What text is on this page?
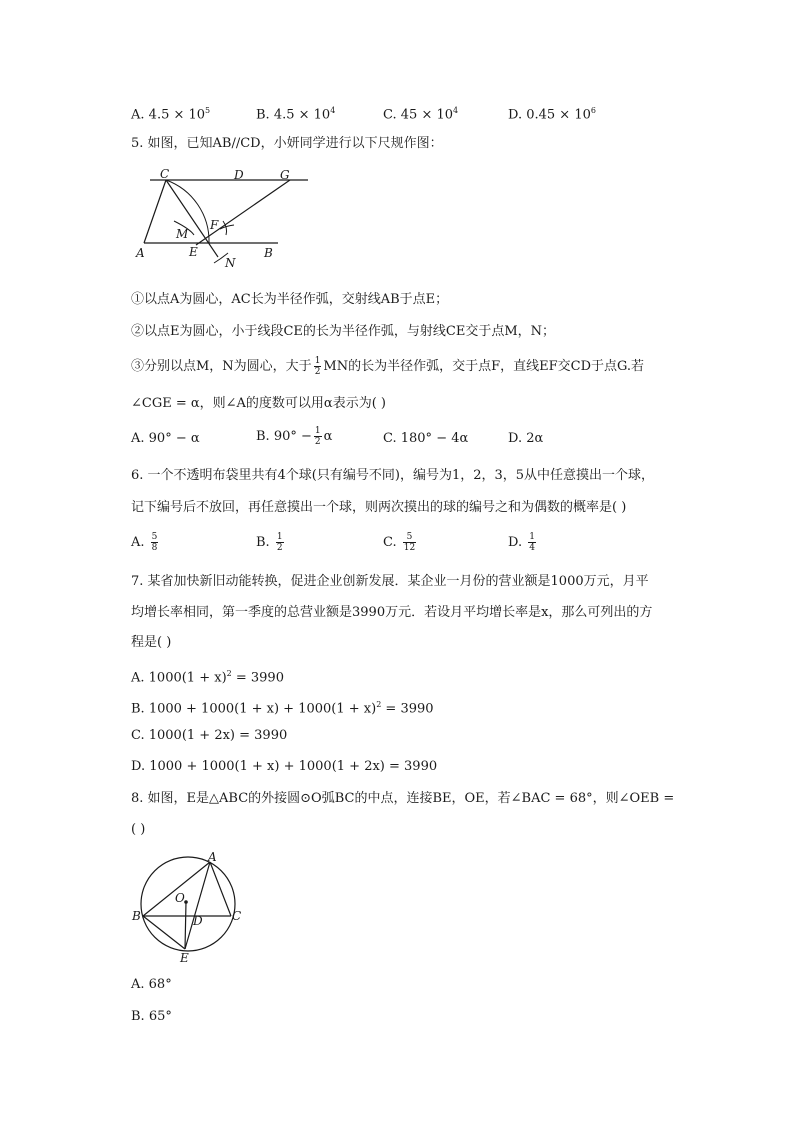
A. $4.5 \times 10^5$	B. $4.5 \times 10^4$	C. $45 \times 10^4$	D. $0.45 \times 10^6$
5. 如图，已知AB//CD，小妍同学进行以下尺规作图：
C	D	G
F
M
A	E	B
N
①以点A为圆心，AC长为半径作弧，交射线AB于点E；
②以点E为圆心，小于线段CE的长为半径作弧，与射线CE交于点M，N；
③分别以点M，N为圆心，大于 $\frac{1}{2}$ MN的长为半径作弧，交于点F，直线EF交CD于点G.若
∠CGE = α，则∠A的度数可以用α表示为( )
A. 90° − α	B. $90^\circ - \frac{1}{2}$ α	C. 180° − 4α	D. 2α
6. 一个不透明布袋里共有4个球(只有编号不同)，编号为1，2，3，5从中任意摸出一个球，
记下编号后不放回，再任意摸出一个球，则两次摸出的球的编号之和为偶数的概率是( )
A. $\frac{5}{8}$	B. $\frac{1}{2}$	C. $\frac{5}{12}$	D. $\frac{1}{4}$
7. 某省加快新旧动能转换，促进企业创新发展．某企业一月份的营业额是1000万元，月平
均增长率相同，第一季度的总营业额是3990万元．若设月平均增长率是x，那么可列出的方
程是( )
A. $1000(1 + x)^2 = 3990$
B. $1000 + 1000(1 + x) + 1000(1 + x)^2 = 3990$
C. 1000(1 + 2x) = 3990
D. 1000 + 1000(1 + x) + 1000(1 + 2x) = 3990
8. 如图，E是△ABC的外接圆⊙O弧BC的中点，连接BE，OE，若∠BAC = 68°，则∠OEB =
( )
A
B	C
O
D
E
A. 68°
B. 65°
